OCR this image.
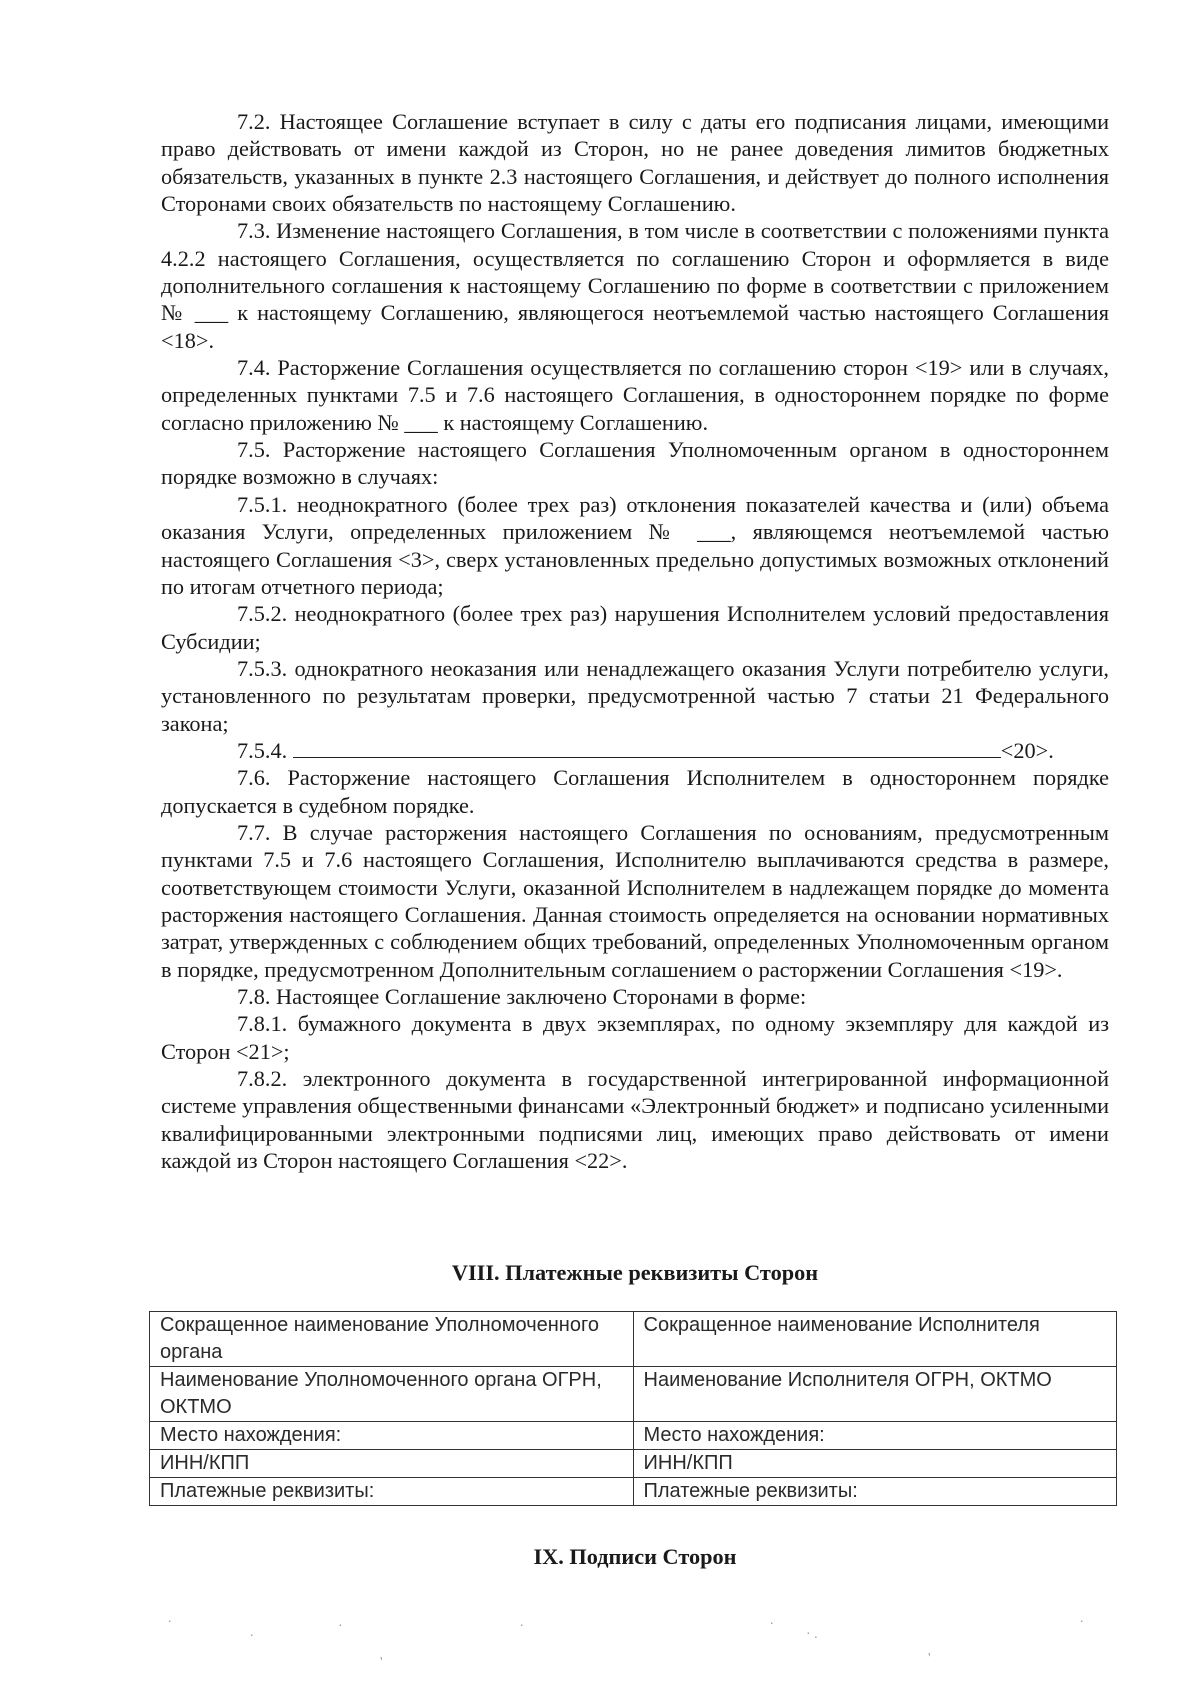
7.2. Настоящее Соглашение вступает в силу с даты его подписания лицами, имеющими право действовать от имени каждой из Сторон, но не ранее доведения лимитов бюджетных обязательств, указанных в пункте 2.3 настоящего Соглашения, и действует до полного исполнения Сторонами своих обязательств по настоящему Соглашению.

7.3. Изменение настоящего Соглашения, в том числе в соответствии с положениями пункта 4.2.2 настоящего Соглашения, осуществляется по соглашению Сторон и оформляется в виде дополнительного соглашения к настоящему Соглашению по форме в соответствии с приложением № ___ к настоящему Соглашению, являющегося неотъемлемой частью настоящего Соглашения <18>.

7.4. Расторжение Соглашения осуществляется по соглашению сторон <19> или в случаях, определенных пунктами 7.5 и 7.6 настоящего Соглашения, в одностороннем порядке по форме согласно приложению № ___ к настоящему Соглашению.

7.5. Расторжение настоящего Соглашения Уполномоченным органом в одностороннем порядке возможно в случаях:

7.5.1. неоднократного (более трех раз) отклонения показателей качества и (или) объема оказания Услуги, определенных приложением № ___, являющемся неотъемлемой частью настоящего Соглашения <3>, сверх установленных предельно допустимых возможных отклонений по итогам отчетного периода;

7.5.2. неоднократного (более трех раз) нарушения Исполнителем условий предоставления Субсидии;

7.5.3. однократного неоказания или ненадлежащего оказания Услуги потребителю услуги, установленного по результатам проверки, предусмотренной частью 7 статьи 21 Федерального закона;

7.5.4.	<20>.

7.6. Расторжение настоящего Соглашения Исполнителем в одностороннем порядке допускается в судебном порядке.

7.7. В случае расторжения настоящего Соглашения по основаниям, предусмотренным пунктами 7.5 и 7.6 настоящего Соглашения, Исполнителю выплачиваются средства в размере, соответствующем стоимости Услуги, оказанной Исполнителем в надлежащем порядке до момента расторжения настоящего Соглашения. Данная стоимость определяется на основании нормативных затрат, утвержденных с соблюдением общих требований, определенных Уполномоченным органом в порядке, предусмотренном Дополнительным соглашением о расторжении Соглашения <19>.

7.8. Настоящее Соглашение заключено Сторонами в форме:

7.8.1. бумажного документа в двух экземплярах, по одному экземпляру для каждой из Сторон <21>;

7.8.2. электронного документа в государственной интегрированной информационной системе управления общественными финансами «Электронный бюджет» и подписано усиленными квалифицированными электронными подписями лиц, имеющих право действовать от имени каждой из Сторон настоящего Соглашения <22>.

VIII. Платежные реквизиты Сторон
Сокращенное наименование Уполномоченного органа	Сокращенное наименование Исполнителя
Наименование Уполномоченного органа ОГРН, ОКТМО	Наименование Исполнителя ОГРН, ОКТМО
Место нахождения:	Место нахождения:
ИНН/КПП	ИНН/КПП
Платежные реквизиты:	Платежные реквизиты:
IX. Подписи Сторон
.
.	·
'
.	.
· .
'
.
